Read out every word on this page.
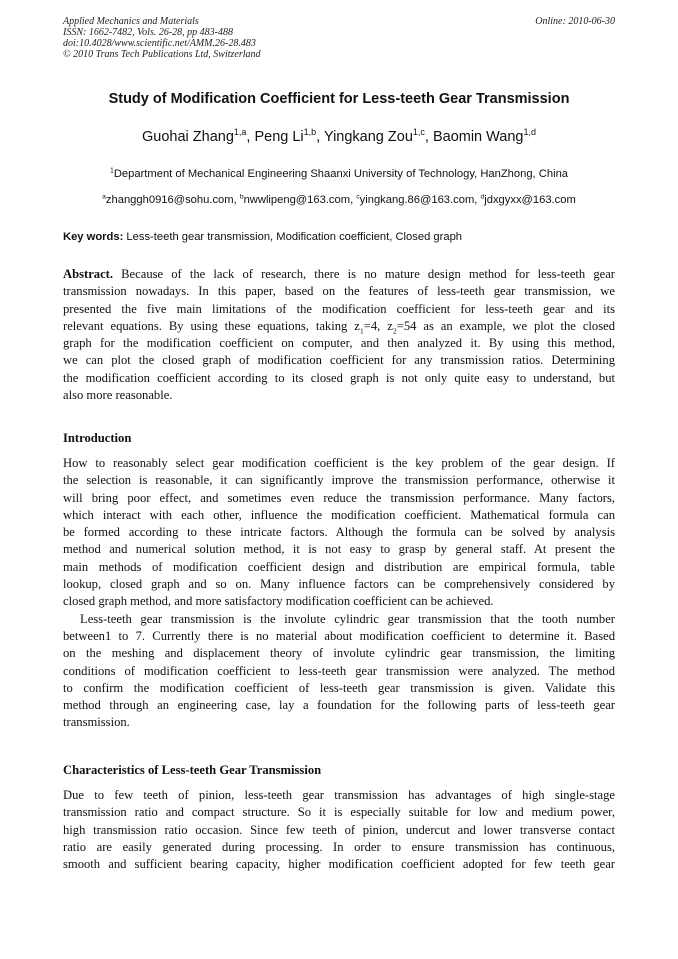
Applied Mechanics and Materials
ISSN: 1662-7482, Vols. 26-28, pp 483-488
doi:10.4028/www.scientific.net/AMM.26-28.483
© 2010 Trans Tech Publications Ltd, Switzerland
Online: 2010-06-30
Study of Modification Coefficient for Less-teeth Gear Transmission
Guohai Zhang$^{1,a}$, Peng Li$^{1,b}$, Yingkang Zou$^{1,c}$, Baomin Wang$^{1,d}$
$^1$Department of Mechanical Engineering Shaanxi University of Technology, HanZhong, China
$^a$zhanggh0916@sohu.com, $^b$nwwlipeng@163.com, $^c$yingkang.86@163.com, $^d$jdxgyxx@163.com
Key words: Less-teeth gear transmission, Modification coefficient, Closed graph
Abstract. Because of the lack of research, there is no mature design method for less-teeth gear
transmission nowadays. In this paper, based on the features of less-teeth gear transmission, we
presented the five main limitations of the modification coefficient for less-teeth gear and its
relevant equations. By using these equations, taking $z_1=4$, $z_2=54$ as an example, we plot the closed
graph for the modification coefficient on computer, and then analyzed it. By using this method,
we can plot the closed graph of modification coefficient for any transmission ratios. Determining
the modification coefficient according to its closed graph is not only quite easy to understand, but
also more reasonable.
Introduction
How to reasonably select gear modification coefficient is the key problem of the gear design. If
the selection is reasonable, it can significantly improve the transmission performance, otherwise it
will bring poor effect, and sometimes even reduce the transmission performance. Many factors,
which interact with each other, influence the modification coefficient. Mathematical formula can
be formed according to these intricate factors. Although the formula can be solved by analysis
method and numerical solution method, it is not easy to grasp by general staff. At present the
main methods of modification coefficient design and distribution are empirical formula, table
lookup, closed graph and so on. Many influence factors can be comprehensively considered by
closed graph method, and more satisfactory modification coefficient can be achieved.
Less-teeth gear transmission is the involute cylindric gear transmission that the tooth number
between1 to 7. Currently there is no material about modification coefficient to determine it. Based
on the meshing and displacement theory of involute cylindric gear transmission, the limiting
conditions of modification coefficient to less-teeth gear transmission were analyzed. The method
to confirm the modification coefficient of less-teeth gear transmission is given. Validate this
method through an engineering case, lay a foundation for the following parts of less-teeth gear
transmission.
Characteristics of Less-teeth Gear Transmission
Due to few teeth of pinion, less-teeth gear transmission has advantages of high single-stage
transmission ratio and compact structure. So it is especially suitable for low and medium power,
high transmission ratio occasion. Since few teeth of pinion, undercut and lower transverse contact
ratio are easily generated during processing. In order to ensure transmission has continuous,
smooth and sufficient bearing capacity, higher modification coefficient adopted for few teeth gear
